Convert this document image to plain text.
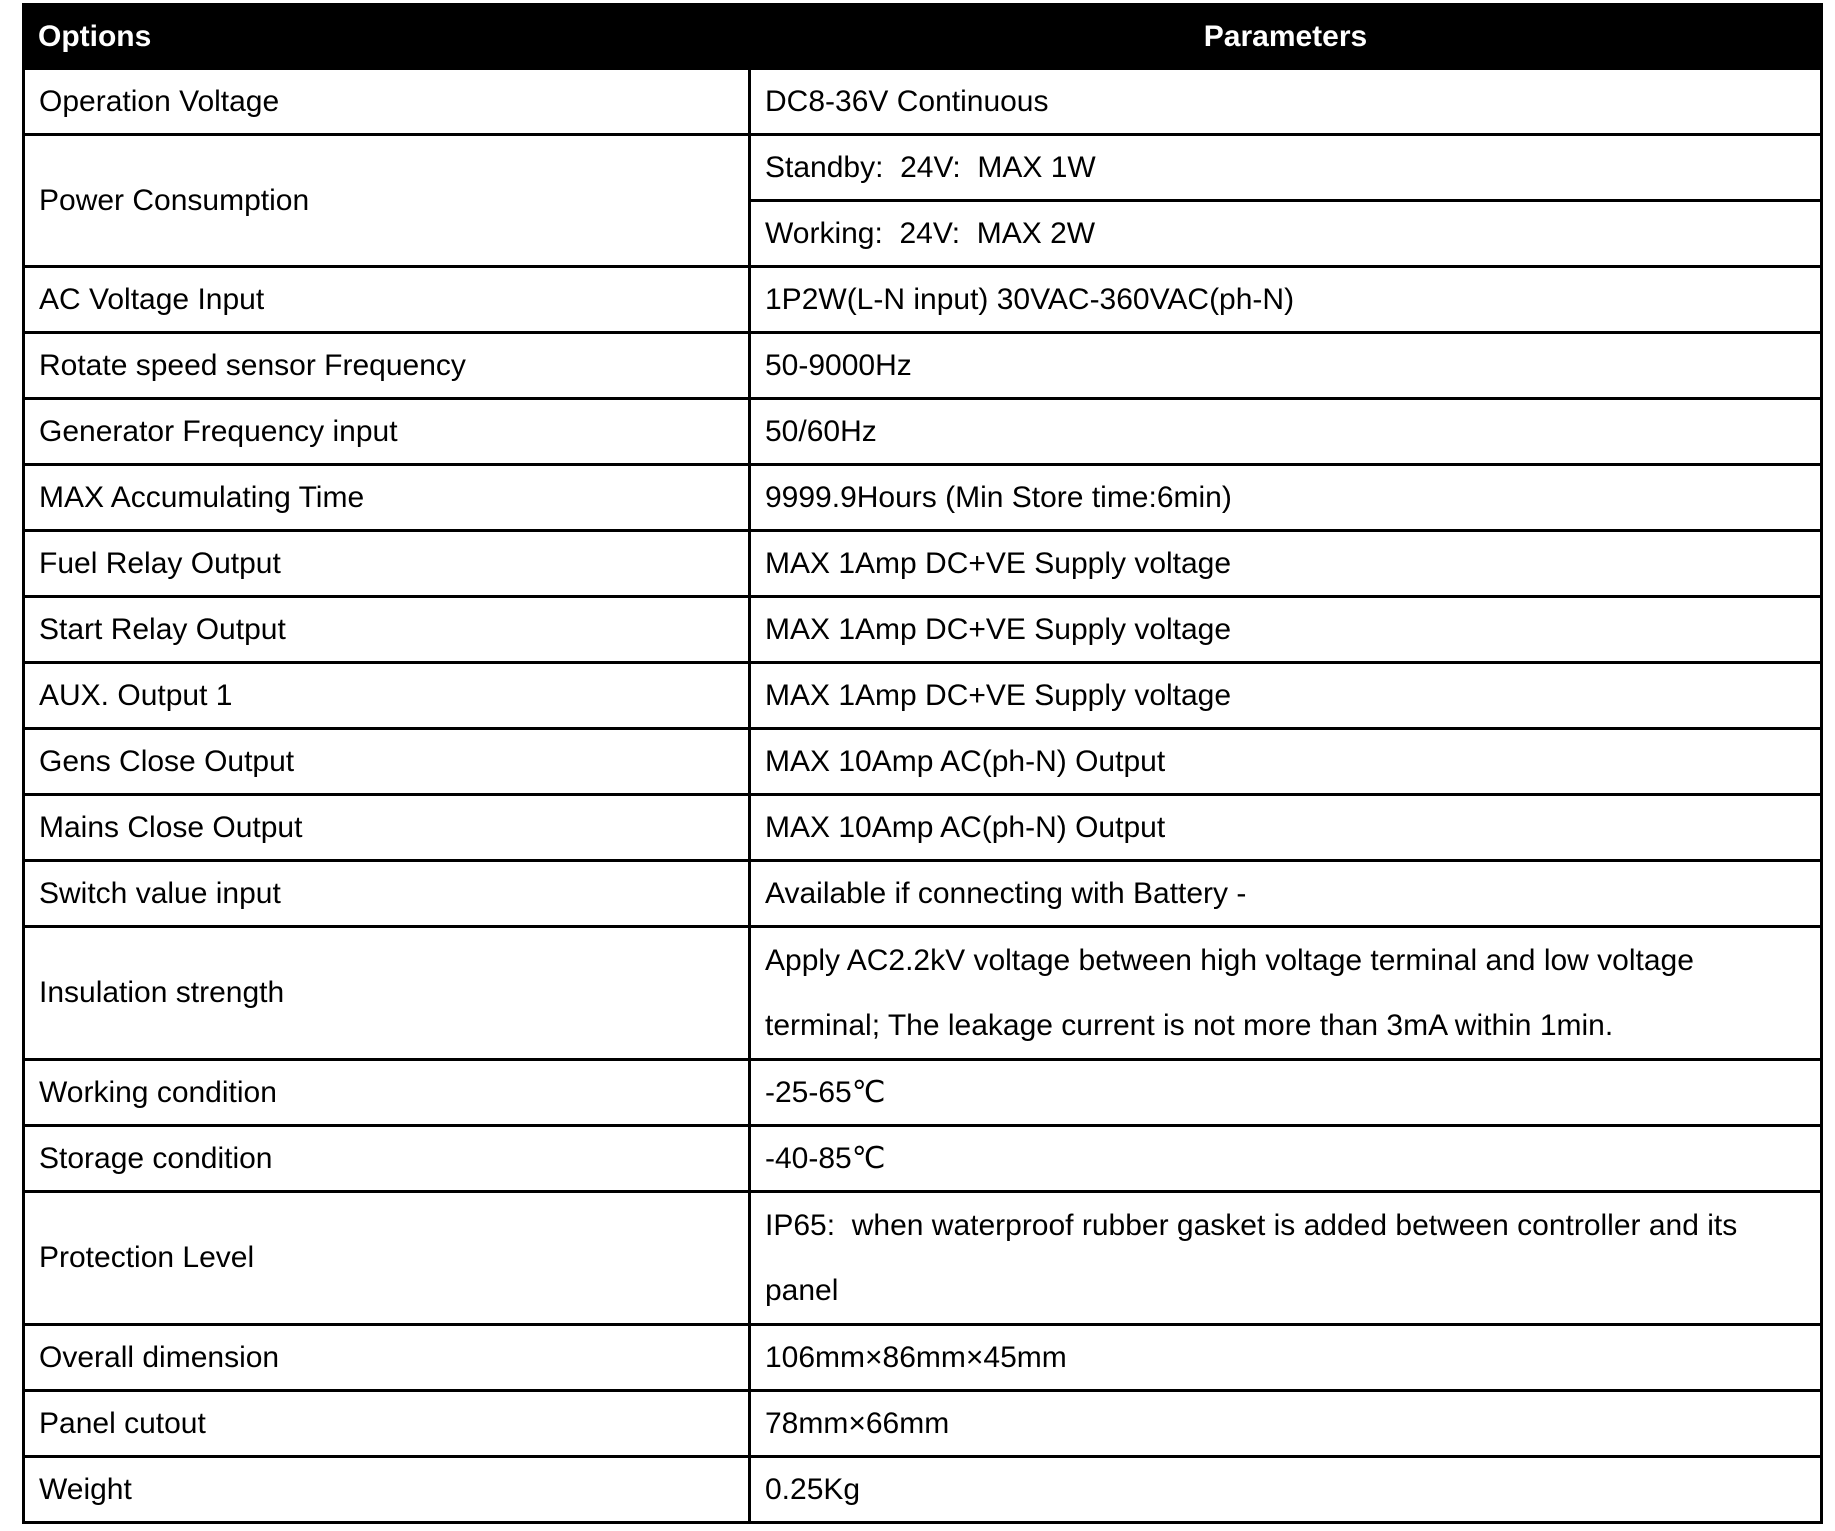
Options	Parameters
Operation Voltage	DC8-36V Continuous
Power Consumption	Standby:  24V:  MAX 1W
	Working:  24V:  MAX 2W
AC Voltage Input	1P2W(L-N input) 30VAC-360VAC(ph-N)
Rotate speed sensor Frequency	50-9000Hz
Generator Frequency input	50/60Hz
MAX Accumulating Time	9999.9Hours (Min Store time:6min)
Fuel Relay Output	MAX 1Amp DC+VE Supply voltage
Start Relay Output	MAX 1Amp DC+VE Supply voltage
AUX. Output 1	MAX 1Amp DC+VE Supply voltage
Gens Close Output	MAX 10Amp AC(ph-N) Output
Mains Close Output	MAX 10Amp AC(ph-N) Output
Switch value input	Available if connecting with Battery -
Insulation strength	Apply AC2.2kV voltage between high voltage terminal and low voltage terminal; The leakage current is not more than 3mA within 1min.
Working condition	-25-65℃
Storage condition	-40-85℃
Protection Level	IP65:  when waterproof rubber gasket is added between controller and its panel
Overall dimension	106mm×86mm×45mm
Panel cutout	78mm×66mm
Weight	0.25Kg
